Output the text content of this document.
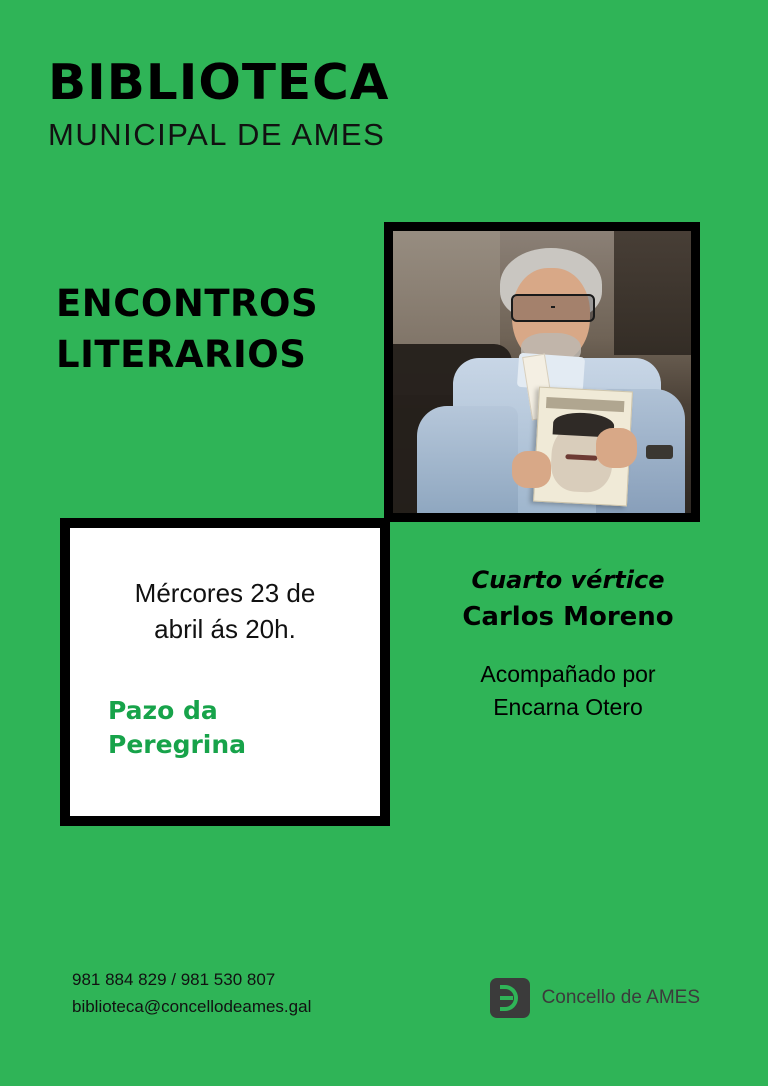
BIBLIOTECA
MUNICIPAL DE AMES
ENCONTROS
LITERARIOS

Mércores 23 de

abril ás 20h.

Pazo da
Peregrina

Cuarto vértice

Carlos Moreno

Acompañado por
Encarna Otero
981 884 829 / 981 530 807
biblioteca@concellodeames.gal	Concello de AMES
